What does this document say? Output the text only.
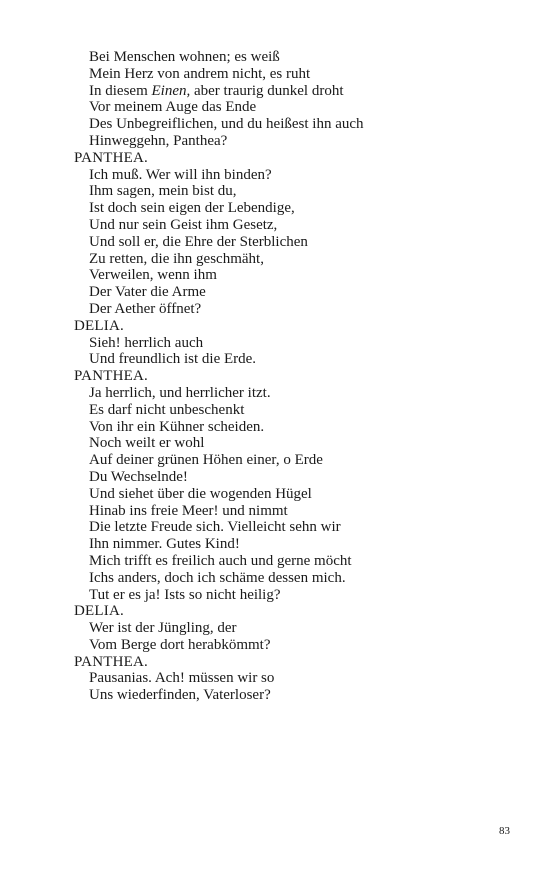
Bei Menschen wohnen; es weiß
Mein Herz von andrem nicht, es ruht
In diesem Einen, aber traurig dunkel droht
Vor meinem Auge das Ende
Des Unbegreiflichen, und du heißest ihn auch
Hinweggehn, Panthea?
PANTHEA.
Ich muß. Wer will ihn binden?
Ihm sagen, mein bist du,
Ist doch sein eigen der Lebendige,
Und nur sein Geist ihm Gesetz,
Und soll er, die Ehre der Sterblichen
Zu retten, die ihn geschmäht,
Verweilen, wenn ihm
Der Vater die Arme
Der Aether öffnet?
DELIA.
Sieh! herrlich auch
Und freundlich ist die Erde.
PANTHEA.
Ja herrlich, und herrlicher itzt.
Es darf nicht unbeschenkt
Von ihr ein Kühner scheiden.
Noch weilt er wohl
Auf deiner grünen Höhen einer, o Erde
Du Wechselnde!
Und siehet über die wogenden Hügel
Hinab ins freie Meer! und nimmt
Die letzte Freude sich. Vielleicht sehn wir
Ihn nimmer. Gutes Kind!
Mich trifft es freilich auch und gerne möcht
Ichs anders, doch ich schäme dessen mich.
Tut er es ja! Ists so nicht heilig?
DELIA.
Wer ist der Jüngling, der
Vom Berge dort herabkömmt?
PANTHEA.
Pausanias. Ach! müssen wir so
Uns wiederfinden, Vaterloser?
83
